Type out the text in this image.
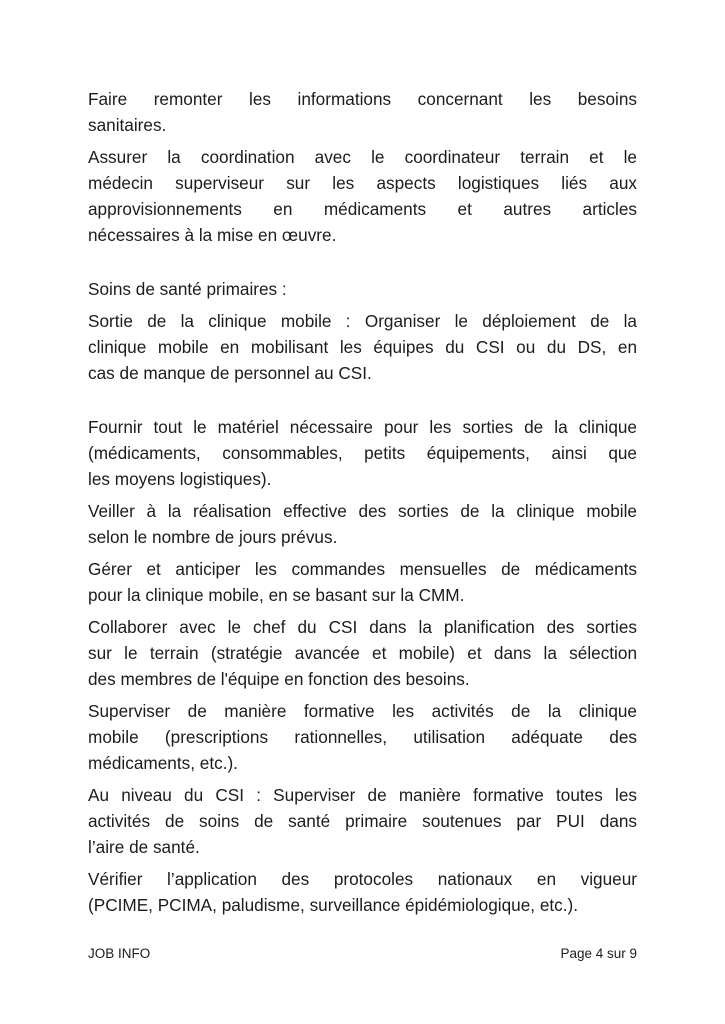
Faire remonter les informations concernant les besoins
sanitaires.
Assurer la coordination avec le coordinateur terrain et le
médecin superviseur sur les aspects logistiques liés aux
approvisionnements en médicaments et autres articles
nécessaires à la mise en œuvre.
Soins de santé primaires :
Sortie de la clinique mobile : Organiser le déploiement de la
clinique mobile en mobilisant les équipes du CSI ou du DS, en
cas de manque de personnel au CSI.
Fournir tout le matériel nécessaire pour les sorties de la clinique
(médicaments, consommables, petits équipements, ainsi que
les moyens logistiques).
Veiller à la réalisation effective des sorties de la clinique mobile
selon le nombre de jours prévus.
Gérer et anticiper les commandes mensuelles de médicaments
pour la clinique mobile, en se basant sur la CMM.
Collaborer avec le chef du CSI dans la planification des sorties
sur le terrain (stratégie avancée et mobile) et dans la sélection
des membres de l'équipe en fonction des besoins.
Superviser de manière formative les activités de la clinique
mobile (prescriptions rationnelles, utilisation adéquate des
médicaments, etc.).
Au niveau du CSI : Superviser de manière formative toutes les
activités de soins de santé primaire soutenues par PUI dans
l’aire de santé.
Vérifier l’application des protocoles nationaux en vigueur
(PCIME, PCIMA, paludisme, surveillance épidémiologique, etc.).
JOB INFO	Page 4 sur 9
